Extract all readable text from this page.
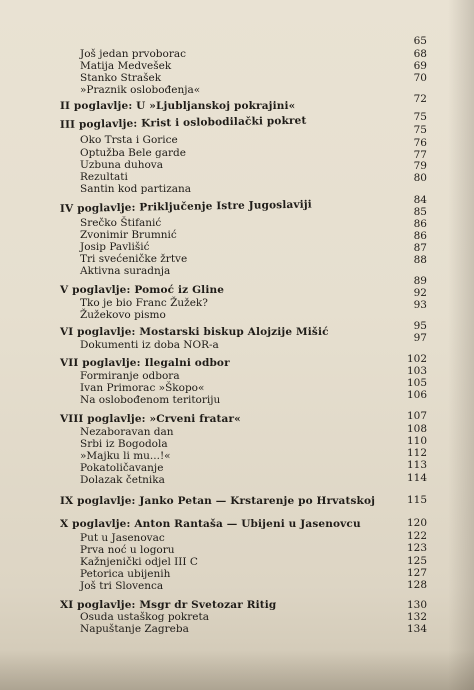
65
68
69
70
72
75
75
76
77
79
80
84
85
86
86
87
88
89
92
93
95
97
102
103
105
106
107
108
110
112
113
114
115
120
122
123
125
127
128
130
132
134
Još jedan prvoborac
Matija Medvešek
Stanko Strašek
»Praznik oslobođenja«
II poglavlje: U »Ljubljanskoj pokrajini«
III poglavlje: Krist i oslobodilački pokret
Oko Trsta i Gorice
Optužba Bele garde
Uzbuna duhova
Rezultati
Santin kod partizana
IV poglavlje: Priključenje Istre Jugoslaviji
Srečko Štifanić
Zvonimir Brumnić
Josip Pavlišić
Tri svećeničke žrtve
Aktivna suradnja
V poglavlje: Pomoć iz Gline
Tko je bio Franc Žužek?
Žužekovo pismo
VI poglavlje: Mostarski biskup Alojzije Mišić
Dokumenti iz doba NOR-a
VII poglavlje: Ilegalni odbor
Formiranje odbora
Ivan Primorac »Škopo«
Na oslobođenom teritoriju
VIII poglavlje: »Crveni fratar«
Nezaboravan dan
Srbi iz Bogodola
»Majku li mu...!«
Pokatoličavanje
Dolazak četnika
IX poglavlje: Janko Petan — Krstarenje po Hrvatskoj
X poglavlje: Anton Rantaša — Ubijeni u Jasenovcu
Put u Jasenovac
Prva noć u logoru
Kažnjenički odjel III C
Petorica ubijenih
Još tri Slovenca
XI poglavlje: Msgr dr Svetozar Ritig
Osuda ustaškog pokreta
Napuštanje Zagreba
